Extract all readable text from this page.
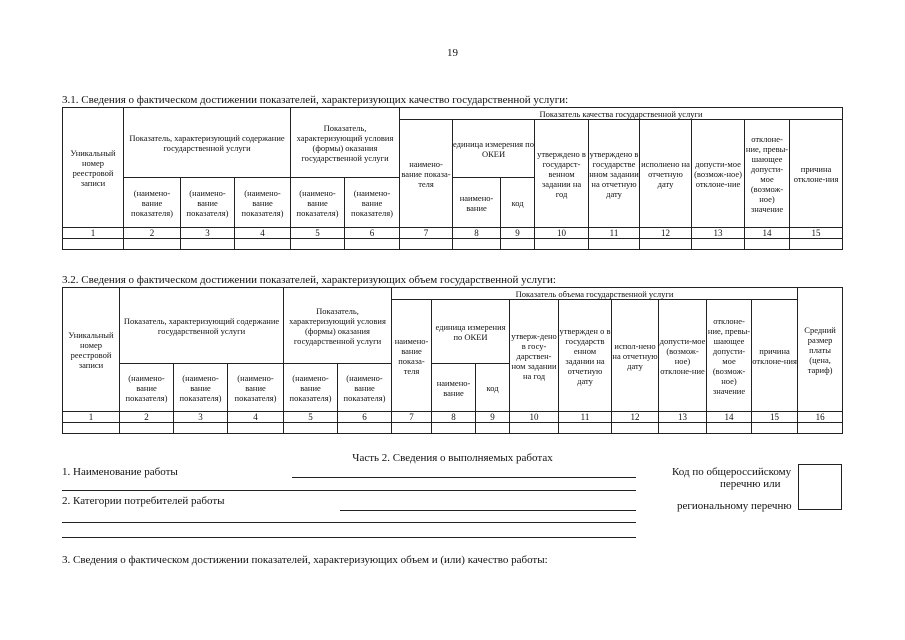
19
3.1. Сведения о фактическом достижении показателей, характеризующих качество государственной услуги:
Уникальный номер реестровой записи	Показатель, характеризующий содержание государственной услуги			Показатель, характеризующий условия (формы) оказания государственной услуги		Показатель качества государственной услуги								
						наимено-вание показа-теля	единица измерения по ОКЕИ		утверждено в государст-венном задании на год	утверждено в государстве нном задании на отчетную дату	исполнено на отчетную дату	допусти-мое (возмож-ное) отклоне-ние	отклоне-ние, превы-шающее допусти-мое (возмож-ное) значение	причина отклоне-ния
	(наимено-вание показателя)	(наимено-вание показателя)	(наимено-вание показателя)	(наимено-вание показателя)	(наимено-вание показателя)		наимено-вание	код						
1	2	3	4	5	6	7	8	9	10	11	12	13	14	15

3.2. Сведения о фактическом достижении показателей, характеризующих объем государственной услуги:
Уникальный номер реестровой записи	Показатель, характеризующий содержание государственной услуги			Показатель, характеризующий условия (формы) оказания государственной услуги		Показатель объема государственной услуги									Средний размер платы (цена, тариф)
						наимено-вание показа-теля	единица измерения по ОКЕИ		утверж-дено в госу-дарствен-ном задании на год	утвержден о в государств енном задании на отчетную дату	испол-нено на отчетную дату	допусти-мое (возмож-ное) отклоне-ние	отклоне-ние, превы-шающее допусти-мое (возмож-ное) значение	причина отклоне-ния	
	(наимено-вание показателя)	(наимено-вание показателя)	(наимено-вание показателя)	(наимено-вание показателя)	(наимено-вание показателя)		наимено-вание	код							
1	2	3	4	5	6	7	8	9	10	11	12	13	14	15	16

Часть 2. Сведения о выполняемых работах
1. Наименование работы
2. Категории потребителей работы
Код по общероссийскому
перечню или
региональному перечню
3. Сведения о фактическом достижении показателей, характеризующих объем и (или) качество работы:
